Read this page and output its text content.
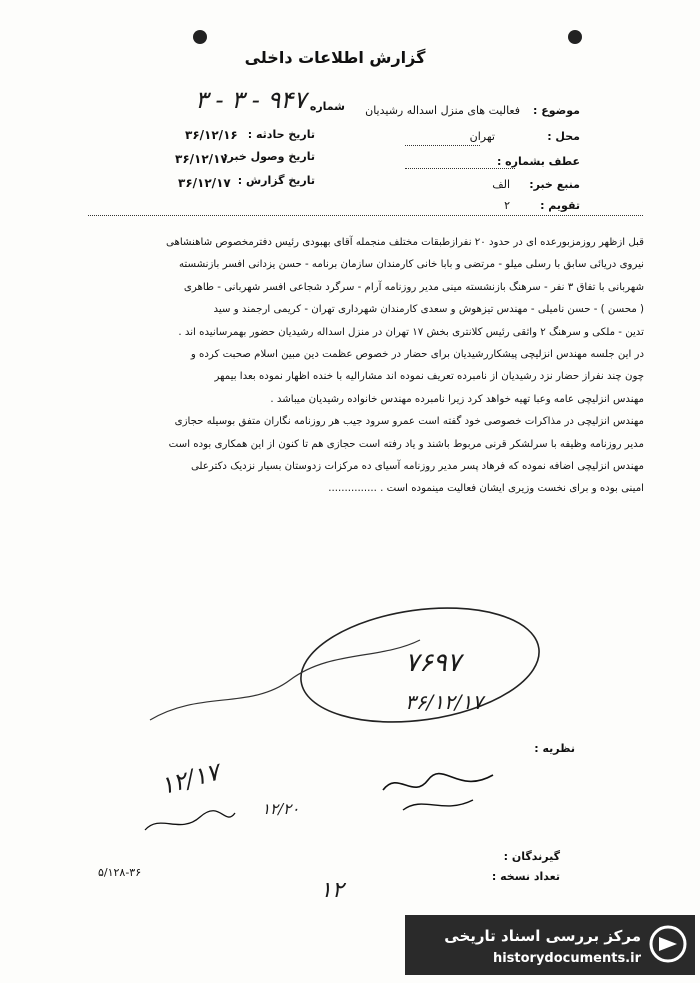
گزارش اطلاعات داخلی
موضوع :
فعالیت های منزل اسداله رشیدیان
شماره
۹۴۷ - ۳ - ۳
محل :
تهران
عطف بشماره :
منبع خبر:
الف
تقویم :
۲
تاریخ حادثه :
۳۶/۱۲/۱۶
تاریخ وصول خبر:
۳۶/۱۲/۱۷
تاریخ گزارش :
۳۶/۱۲/۱۷

قبل ازظهر روزمزبورعده ای در حدود ۲۰ نفرازطبقات مختلف منجمله آقای بهبودی رئیس دفترمخصوص شاهنشاهی

نیروی دریائی سابق با رسلی میلو - مرتضی و بابا خانی کارمندان سازمان برنامه - حسن یزدانی افسر بازنشسته

شهربانی با تفاق ۳ نفر - سرهنگ بازنشسته مینی مدیر روزنامه آرام - سرگرد شجاعی افسر شهربانی - طاهری

( محسن ) - حسن نامیلی - مهندس تیزهوش و سعدی کارمندان شهرداری تهران - کریمی ارجمند و سید

تدین - ملکی و سرهنگ ۲ واثقی رئیس کلانتری بخش ۱۷ تهران در منزل اسداله رشیدیان حضور بهمرسانیده اند .

در این جلسه مهندس انزلیچی پیشکاررشیدیان برای حضار در خصوص عظمت دین مبین اسلام صحبت کرده و

چون چند نفراز حضار نزد رشیدیان از نامبرده تعریف نموده اند مشارالیه با خنده اظهار نموده بعدا بیمهر

مهندس انزلیچی عامه وعبا تهیه خواهد کرد زیرا نامبرده مهندس خانواده رشیدیان میباشد .

مهندس انزلیچی در مذاکرات خصوصی خود گفته است عمرو سرود جیب هر روزنامه نگاران متفق بوسیله حجازی

مدیر روزنامه وظیفه با سرلشکر قرنی مربوط باشند و یاد رفته است حجازی هم تا کنون از این همکاری بوده است

مهندس انزلیچی اضافه نموده که فرهاد پسر مدیر روزنامه آسیای ده مرکزات زدوستان بسیار نزدیک دکترعلی

امینی بوده و برای نخست وزیری ایشان فعالیت مینموده است . ...............

۷۶۹۷
۳۶/۱۲/۱۷
۱۲/۱۷
۱۲/۲۰
۱۲
نظریه :
گیرندگان :
تعداد نسخه :
۵/۱۲۸-۳۶
مرکز بررسی اسناد تاریخی
historydocuments.ir
